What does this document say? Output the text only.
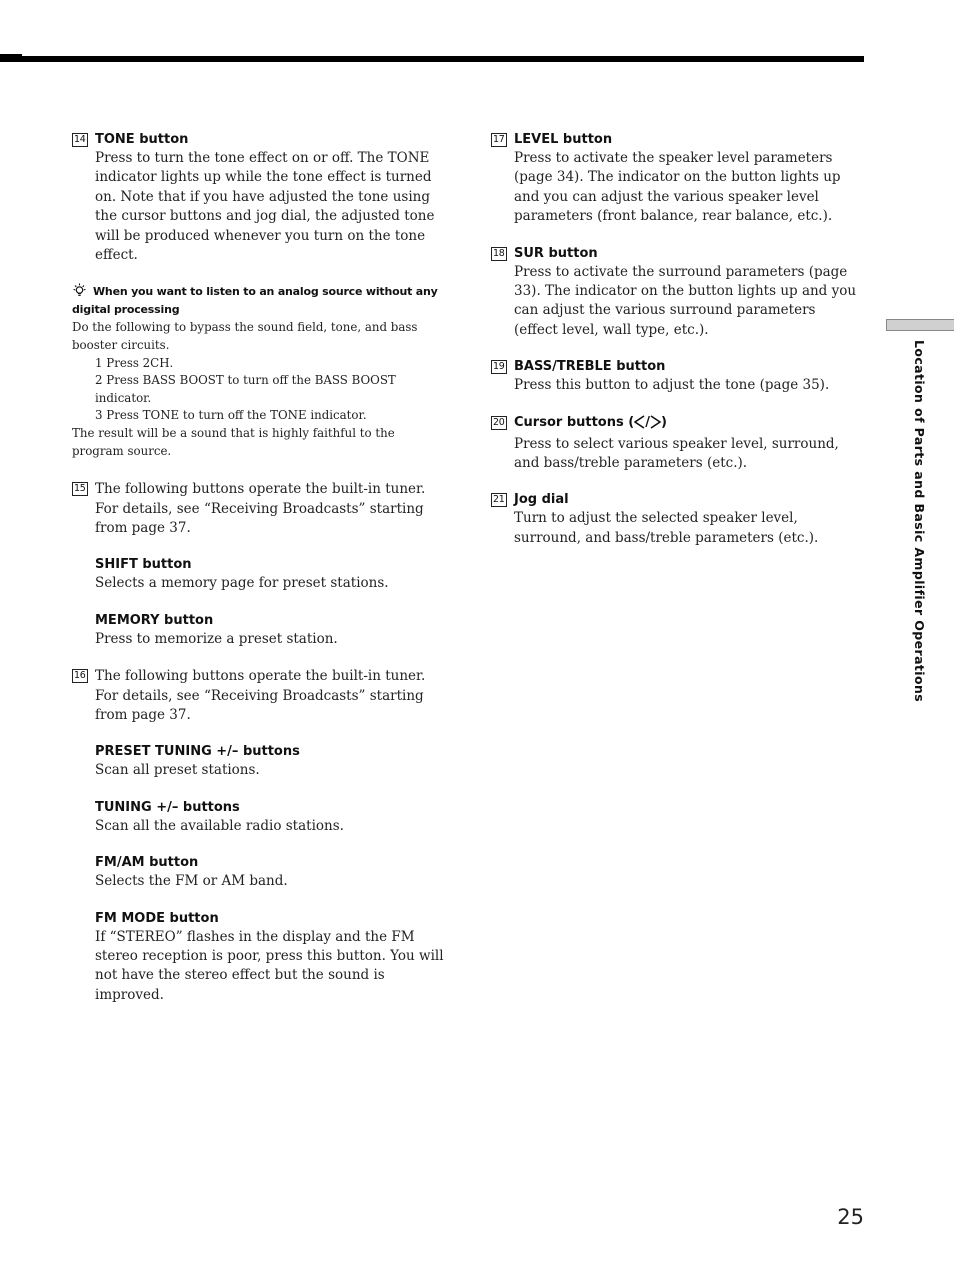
14 TONE button
Press to turn the tone effect on or off. The TONE indicator lights up while the tone effect is turned on. Note that if you have adjusted the tone using the cursor buttons and jog dial, the adjusted tone will be produced whenever you turn on the tone effect.
When you want to listen to an analog source without any digital processing
Do the following to bypass the sound field, tone, and bass booster circuits.
1 Press 2CH.
2 Press BASS BOOST to turn off the BASS BOOST indicator.
3 Press TONE to turn off the TONE indicator.
The result will be a sound that is highly faithful to the program source.
15 The following buttons operate the built-in tuner. For details, see “Receiving Broadcasts” starting from page 37.
SHIFT button
Selects a memory page for preset stations.
MEMORY button
Press to memorize a preset station.
16 The following buttons operate the built-in tuner. For details, see “Receiving Broadcasts” starting from page 37.
PRESET TUNING +/– buttons
Scan all preset stations.
TUNING +/– buttons
Scan all the available radio stations.
FM/AM button
Selects the FM or AM band.
FM MODE button
If “STEREO” flashes in the display and the FM stereo reception is poor, press this button. You will not have the stereo effect but the sound is improved.
17 LEVEL button
Press to activate the speaker level parameters (page 34). The indicator on the button lights up and you can adjust the various speaker level parameters (front balance, rear balance, etc.).
18 SUR button
Press to activate the surround parameters (page 33). The indicator on the button lights up and you can adjust the various surround parameters (effect level, wall type, etc.).
19 BASS/TREBLE button
Press this button to adjust the tone (page 35).
20 Cursor buttons ( / )
Press to select various speaker level, surround, and bass/treble parameters (etc.).
21 Jog dial
Turn to adjust the selected speaker level, surround, and bass/treble parameters (etc.).	Location of Parts and Basic Amplifier Operations
25
